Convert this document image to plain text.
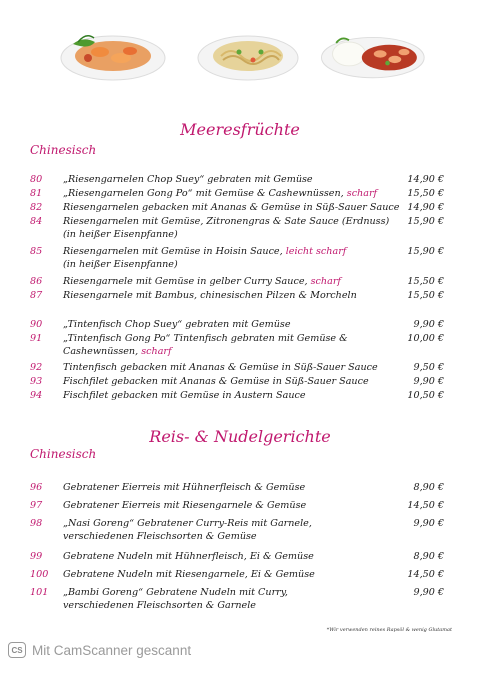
Meeresfrüchte
Chinesisch
80 „Riesengarnelen Chop Suey“ gebraten mit Gemüse	14,90 €
81 „Riesengarnelen Gong Po“ mit Gemüse & Cashewnüssen, scharf	15,50 €
82 Riesengarnelen gebacken mit Ananas & Gemüse in Süß-Sauer Sauce 14,90 €
84 Riesengarnelen mit Gemüse, Zitronengras & Sate Sauce (Erdnuss)
(in heißer Eisenpfanne)
15,90 €
85 Riesengarnelen mit Gemüse in Hoisin Sauce, leicht scharf
(in heißer Eisenpfanne)
15,90 €
86 Riesengarnele mit Gemüse in gelber Curry Sauce, scharf	15,50 €
87 Riesengarnele mit Bambus, chinesischen Pilzen & Morcheln	15,50 €
90 „Tintenfisch Chop Suey“ gebraten mit Gemüse	9,90 €
91 „Tintenfisch Gong Po“ Tintenfisch gebraten mit Gemüse &
Cashewnüssen, scharf
10,00 €
92 Tintenfisch gebacken mit Ananas & Gemüse in Süß-Sauer Sauce	9,50 €
93 Fischfilet gebacken mit Ananas & Gemüse in Süß-Sauer Sauce	9,90 €
94 Fischfilet gebacken mit Gemüse in Austern Sauce	10,50 €
Reis- & Nudelgerichte
Chinesisch
96 Gebratener Eierreis mit Hühnerfleisch & Gemüse	8,90 €
97 Gebratener Eierreis mit Riesengarnele & Gemüse	14,50 €
98 „Nasi Goreng“ Gebratener Curry-Reis mit Garnele,
verschiedenen Fleischsorten & Gemüse
9,90 €
99 Gebratene Nudeln mit Hühnerfleisch, Ei & Gemüse	8,90 €
100 Gebratene Nudeln mit Riesengarnele, Ei & Gemüse	14,50 €
101 „Bambi Goreng“ Gebratene Nudeln mit Curry,
verschiedenen Fleischsorten & Garnele
9,90 €
*Wir verwenden reines Rapsöl & wenig Glutamat
CS Mit CamScanner gescannt
